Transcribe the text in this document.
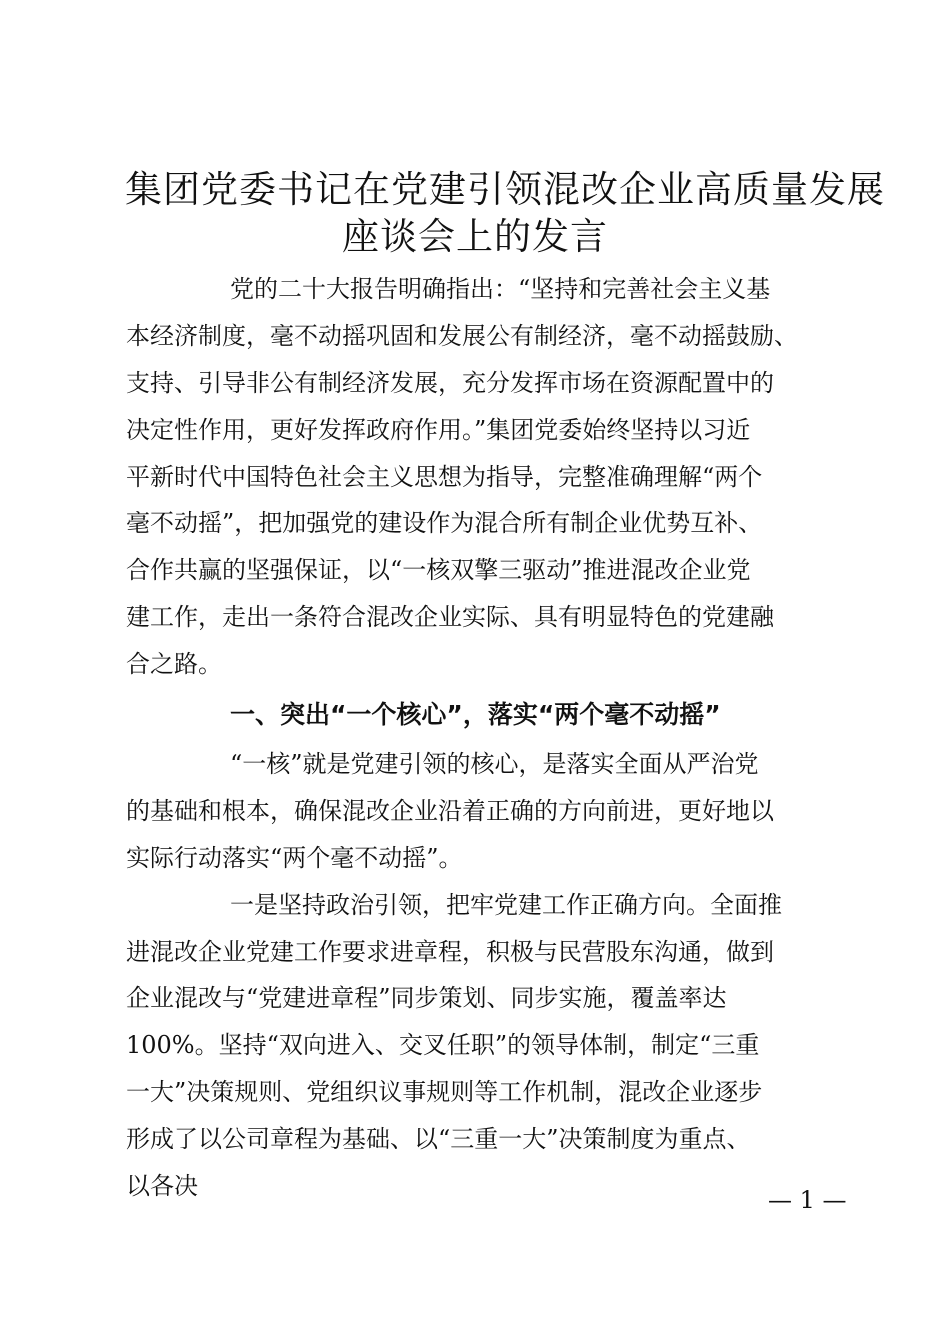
集团党委书记在党建引领混改企业高质量发展
座谈会上的发言
党的二十大报告明确指出：“坚持和完善社会主义基
本经济制度，毫不动摇巩固和发展公有制经济，毫不动摇鼓励、
支持、引导非公有制经济发展，充分发挥市场在资源配置中的
决定性作用，更好发挥政府作用。”集团党委始终坚持以习近
平新时代中国特色社会主义思想为指导，完整准确理解“两个
毫不动摇”，把加强党的建设作为混合所有制企业优势互补、
合作共赢的坚强保证，以“一核双擎三驱动”推进混改企业党
建工作，走出一条符合混改企业实际、具有明显特色的党建融
合之路。
一、突出“一个核心”，落实“两个毫不动摇”
“一核”就是党建引领的核心，是落实全面从严治党
的基础和根本，确保混改企业沿着正确的方向前进，更好地以
实际行动落实“两个毫不动摇”。
一是坚持政治引领，把牢党建工作正确方向。全面推
进混改企业党建工作要求进章程，积极与民营股东沟通，做到
企业混改与“党建进章程”同步策划、同步实施，覆盖率达
100%。坚持“双向进入、交叉任职”的领导体制，制定“三重
一大”决策规则、党组织议事规则等工作机制，混改企业逐步
形成了以公司章程为基础、以“三重一大”决策制度为重点、
以各决	— 1 —
